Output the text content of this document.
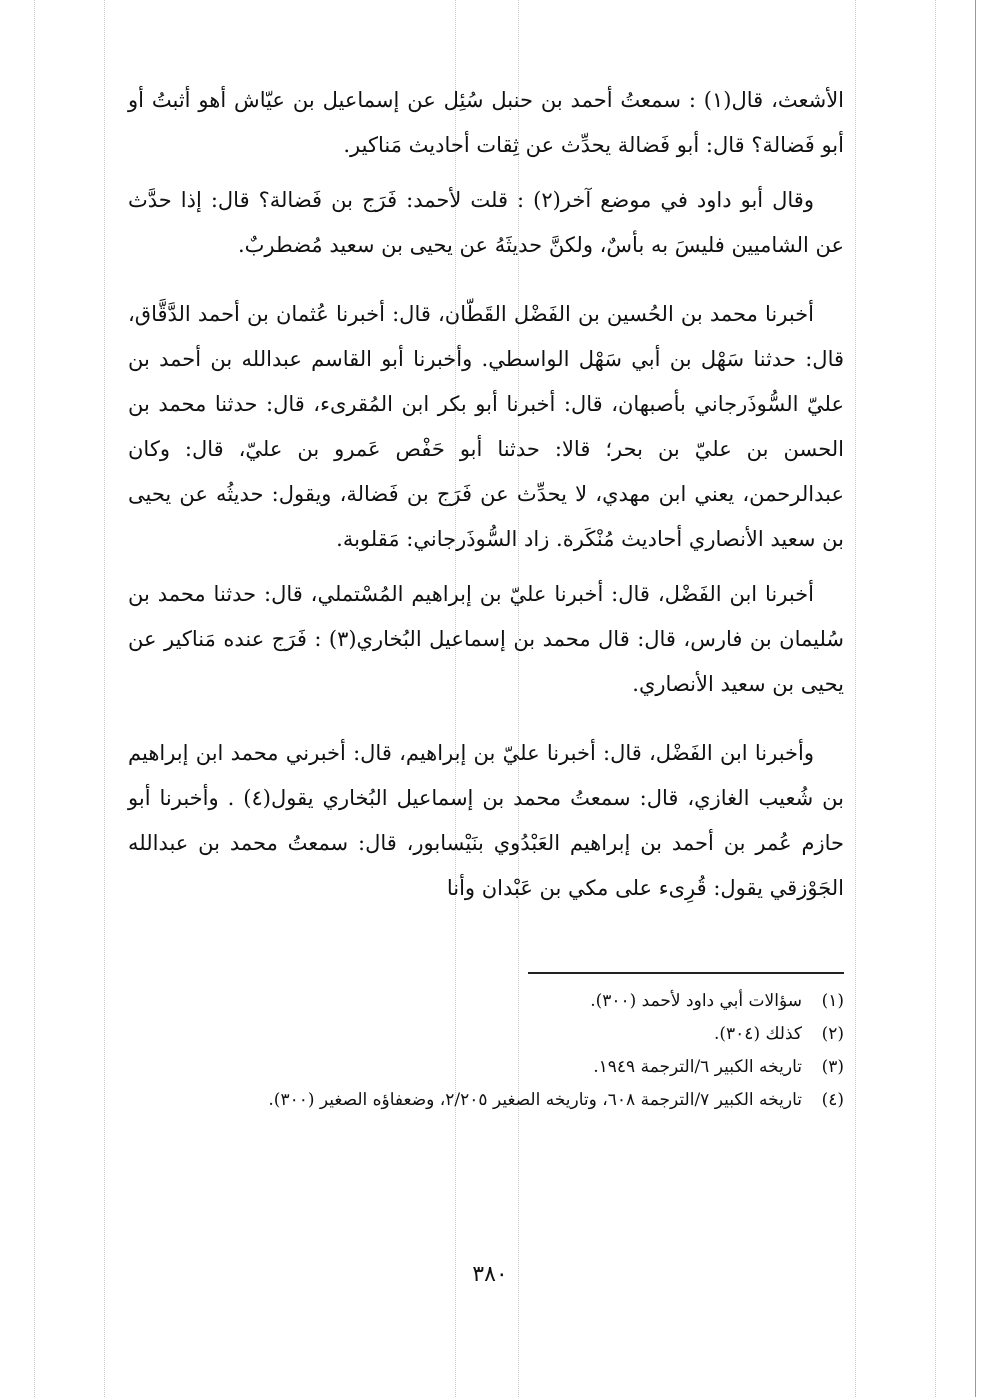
الأشعث، قال(١) : سمعتُ أحمد بن حنبل سُئِل عن إسماعيل بن عيّاش أهو أثبتُ أو أبو فَضالة؟ قال: أبو فَضالة يحدِّث عن ثِقات أحاديث مَناكير.

وقال أبو داود في موضع آخر(٢) : قلت لأحمد: فَرَج بن فَضالة؟ قال: إذا حدَّث عن الشاميين فليسَ به بأسٌ، ولكنَّ حديثَهُ عن يحيى بن سعيد مُضطربٌ.

أخبرنا محمد بن الحُسين بن الفَضْل القَطّان، قال: أخبرنا عُثمان بن أحمد الدَّقَّاق، قال: حدثنا سَهْل بن أبي سَهْل الواسطي. وأخبرنا أبو القاسم عبدالله بن أحمد بن عليّ السُّوذَرجاني بأصبهان، قال: أخبرنا أبو بكر ابن المُقرىء، قال: حدثنا محمد بن الحسن بن عليّ بن بحر؛ قالا: حدثنا أبو حَفْص عَمرو بن عليّ، قال: وكان عبدالرحمن، يعني ابن مهدي، لا يحدِّث عن فَرَج بن فَضالة، ويقول: حديثُه عن يحيى بن سعيد الأنصاري أحاديث مُنْكَرة. زاد السُّوذَرجاني: مَقلوبة.

أخبرنا ابن الفَضْل، قال: أخبرنا عليّ بن إبراهيم المُسْتملي، قال: حدثنا محمد بن سُليمان بن فارس، قال: قال محمد بن إسماعيل البُخاري(٣) : فَرَج عنده مَناكير عن يحيى بن سعيد الأنصاري.

وأخبرنا ابن الفَضْل، قال: أخبرنا عليّ بن إبراهيم، قال: أخبرني محمد ابن إبراهيم بن شُعيب الغازي، قال: سمعتُ محمد بن إسماعيل البُخاري يقول(٤) . وأخبرنا أبو حازم عُمر بن أحمد بن إبراهيم العَبْدُوي بنَيْسابور، قال: سمعتُ محمد بن عبدالله الجَوْزقي يقول: قُرِىء على مكي بن عَبْدان وأنا

(١)
سؤالات أبي داود لأحمد (٣٠٠).
(٢)
كذلك (٣٠٤).
(٣)
تاريخه الكبير ٦/الترجمة ١٩٤٩.
(٤)
تاريخه الكبير ٧/الترجمة ٦٠٨، وتاريخه الصغير ٢/٢٠٥، وضعفاؤه الصغير (٣٠٠).
٣٨٠
